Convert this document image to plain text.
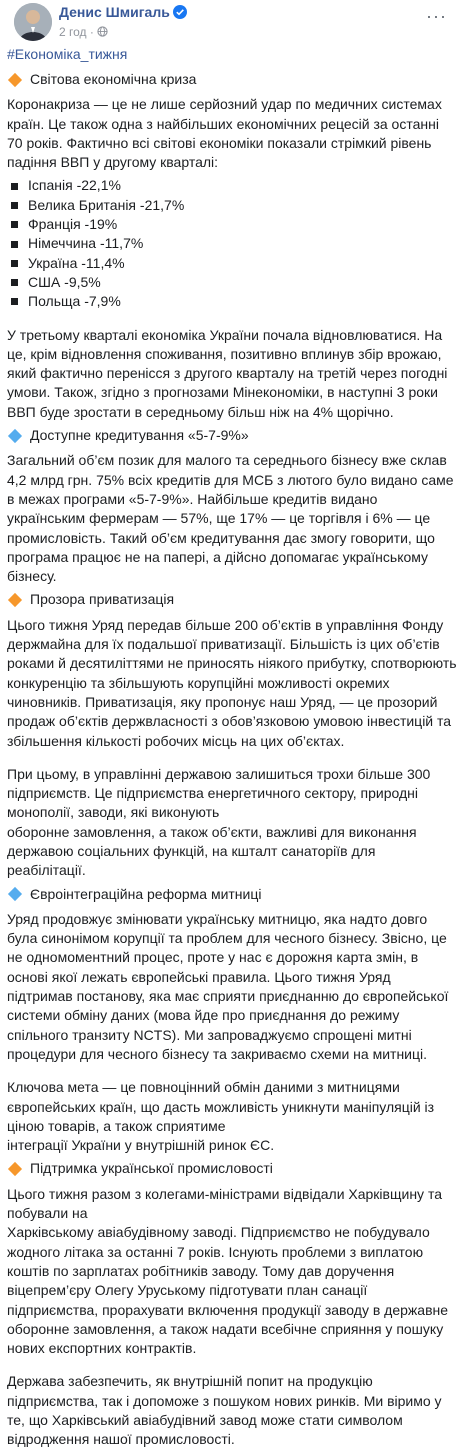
Денис Шмигаль
2 год ·
···
#Економіка_тижня
Світова економічна криза

Коронакриза — це не лише серйозний удар по медичних системах країн. Це також одна з найбільших економічних рецесій за останні 70 років. Фактично всі світові економіки показали стрімкий рівень падіння ВВП у другому кварталі:

Іспанія -22,1%
Велика Британія -21,7%
Франція -19%
Німеччина -11,7%
Україна -11,4%
США -9,5%
Польща -7,9%

У третьому кварталі економіка України почала відновлюватися. На це, крім відновлення споживання, позитивно вплинув збір врожаю, який фактично перенісся з другого кварталу на третій через погодні умови. Також, згідно з прогнозами Мінекономіки, в наступні 3 роки ВВП буде зростати в середньому більш ніж на 4% щорічно.

Доступне кредитування «5-7-9%»

Загальний об’єм позик для малого та середнього бізнесу вже склав 4,2 млрд грн. 75% всіх кредитів для МСБ з лютого було видано саме в межах програми «5-7-9%». Найбільше кредитів видано українським фермерам — 57%, ще 17% — це торгівля і 6% — це промисловість. Такий об’єм кредитування дає змогу говорити, що програма працює не на папері, а дійсно допомагає українському бізнесу.

Прозора приватизація

Цього тижня Уряд передав більше 200 об’єктів в управління Фонду держмайна для їх подальшої приватизації. Більшість із цих об’єтів роками й десятиліттями не приносять ніякого прибутку, спотворюють конкуренцію та збільшують корупційні можливості окремих чиновників. Приватизація, яку пропонує наш Уряд, — це прозорий продаж об’єктів держвласності з обов’язковою умовою інвестицій та збільшення кількості робочих місць на цих об’єктах.

При цьому, в управлінні державою залишиться трохи більше 300 підприємств. Це підприємства енергетичного сектору, природні монополії, заводи, які виконують

оборонне замовлення, а також об’єкти, важливі для виконання державою соціальних функцій, на кшталт санаторіїв для реабілітації.

Євроінтеграційна реформа митниці

Уряд продовжує змінювати українську митницю, яка надто довго була синонімом корупції та проблем для чесного бізнесу. Звісно, це не одномоментний процес, проте у нас є дорожня карта змін, в основі якої лежать європейські правила. Цього тижня Уряд підтримав постанову, яка має сприяти приєднанню до європейської системи обміну даних (мова йде про приєднання до режиму спільного транзиту NCTS). Ми запроваджуємо спрощені митні процедури для чесного бізнесу та закриваємо схеми на митниці.

Ключова мета — це повноцінний обмін даними з митницями європейських країн, що дасть можливість уникнути маніпуляцій із ціною товарів, а також сприятиме

інтеграції України у внутрішній ринок ЄС.

Підтримка української промисловості

Цього тижня разом з колегами-міністрами відвідали Харківщину та побували на

Харківському авіабудівному заводі. Підприємство не побудувало жодного літака за останні 7 років. Існують проблеми з виплатою коштів по зарплатах робітників заводу. Тому дав доручення віцепрем’єру Олегу Уруському підготувати план санації підприємства, прорахувати включення продукції заводу в державне оборонне замовлення, а також надати всебічне сприяння у пошуку нових експортних контрактів.

Держава забезпечить, як внутрішній попит на продукцію підприємства, так і допоможе з пошуком нових ринків. Ми віримо у те, що Харківський авіабудівний завод може стати символом відродження нашої промисловості.
